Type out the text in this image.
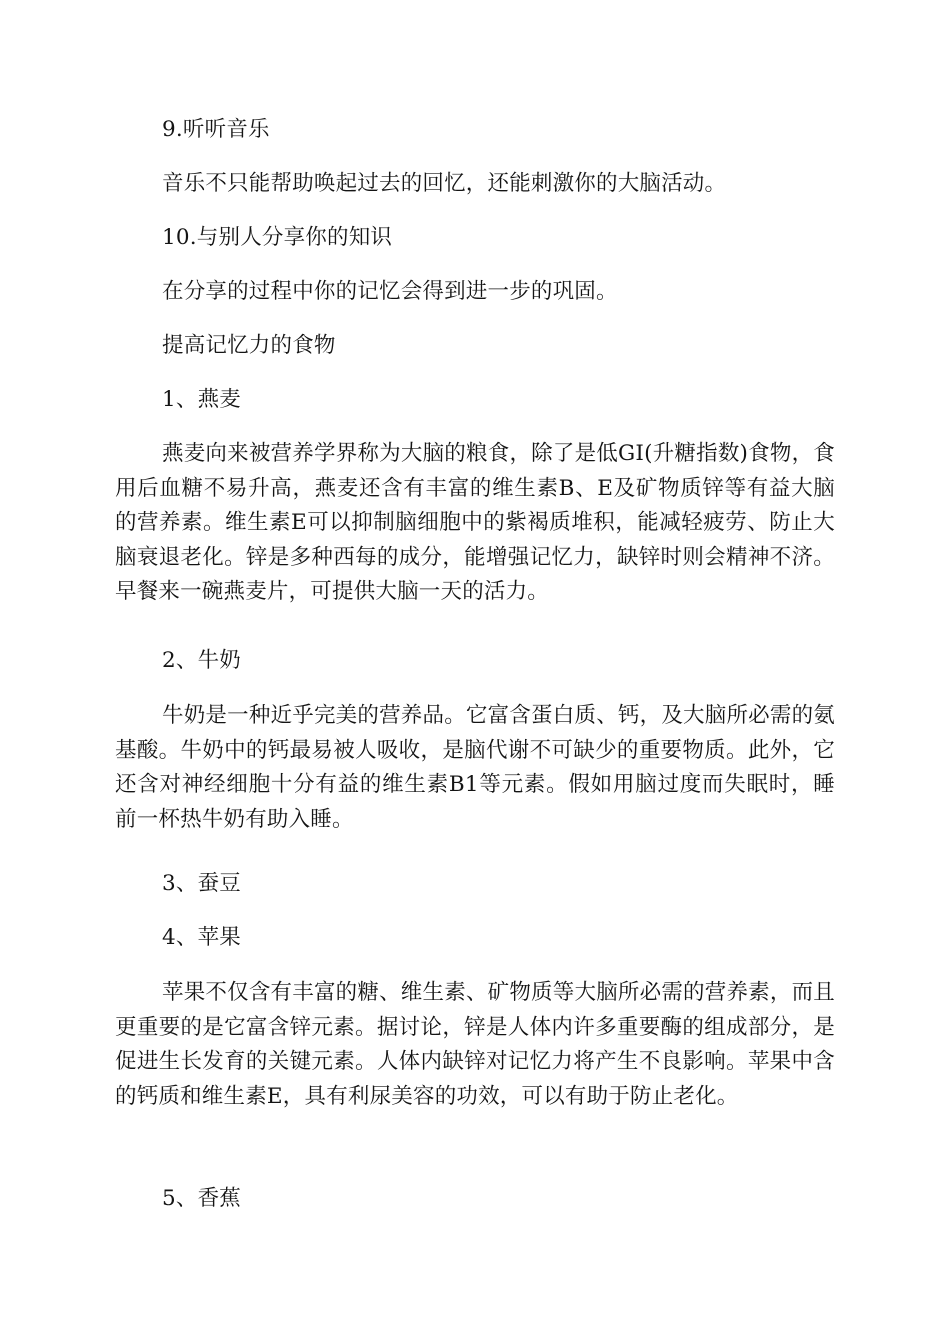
9.听听音乐
音乐不只能帮助唤起过去的回忆，还能刺激你的大脑活动。
10.与别人分享你的知识
在分享的过程中你的记忆会得到进一步的巩固。
提高记忆力的食物
1、燕麦
燕麦向来被营养学界称为大脑的粮食，除了是低GI(升糖指数)食物，食用后血糖不易升高，燕麦还含有丰富的维生素B、E及矿物质锌等有益大脑的营养素。维生素E可以抑制脑细胞中的紫褐质堆积，能减轻疲劳、防止大脑衰退老化。锌是多种西每的成分，能增强记忆力，缺锌时则会精神不济。早餐来一碗燕麦片，可提供大脑一天的活力。
2、牛奶
牛奶是一种近乎完美的营养品。它富含蛋白质、钙，及大脑所必需的氨基酸。牛奶中的钙最易被人吸收，是脑代谢不可缺少的重要物质。此外，它还含对神经细胞十分有益的维生素B1等元素。假如用脑过度而失眠时，睡前一杯热牛奶有助入睡。
3、蚕豆
4、苹果
苹果不仅含有丰富的糖、维生素、矿物质等大脑所必需的营养素，而且更重要的是它富含锌元素。据讨论，锌是人体内许多重要酶的组成部分，是促进生长发育的关键元素。人体内缺锌对记忆力将产生不良影响。苹果中含的钙质和维生素E，具有利尿美容的功效，可以有助于防止老化。
5、香蕉
